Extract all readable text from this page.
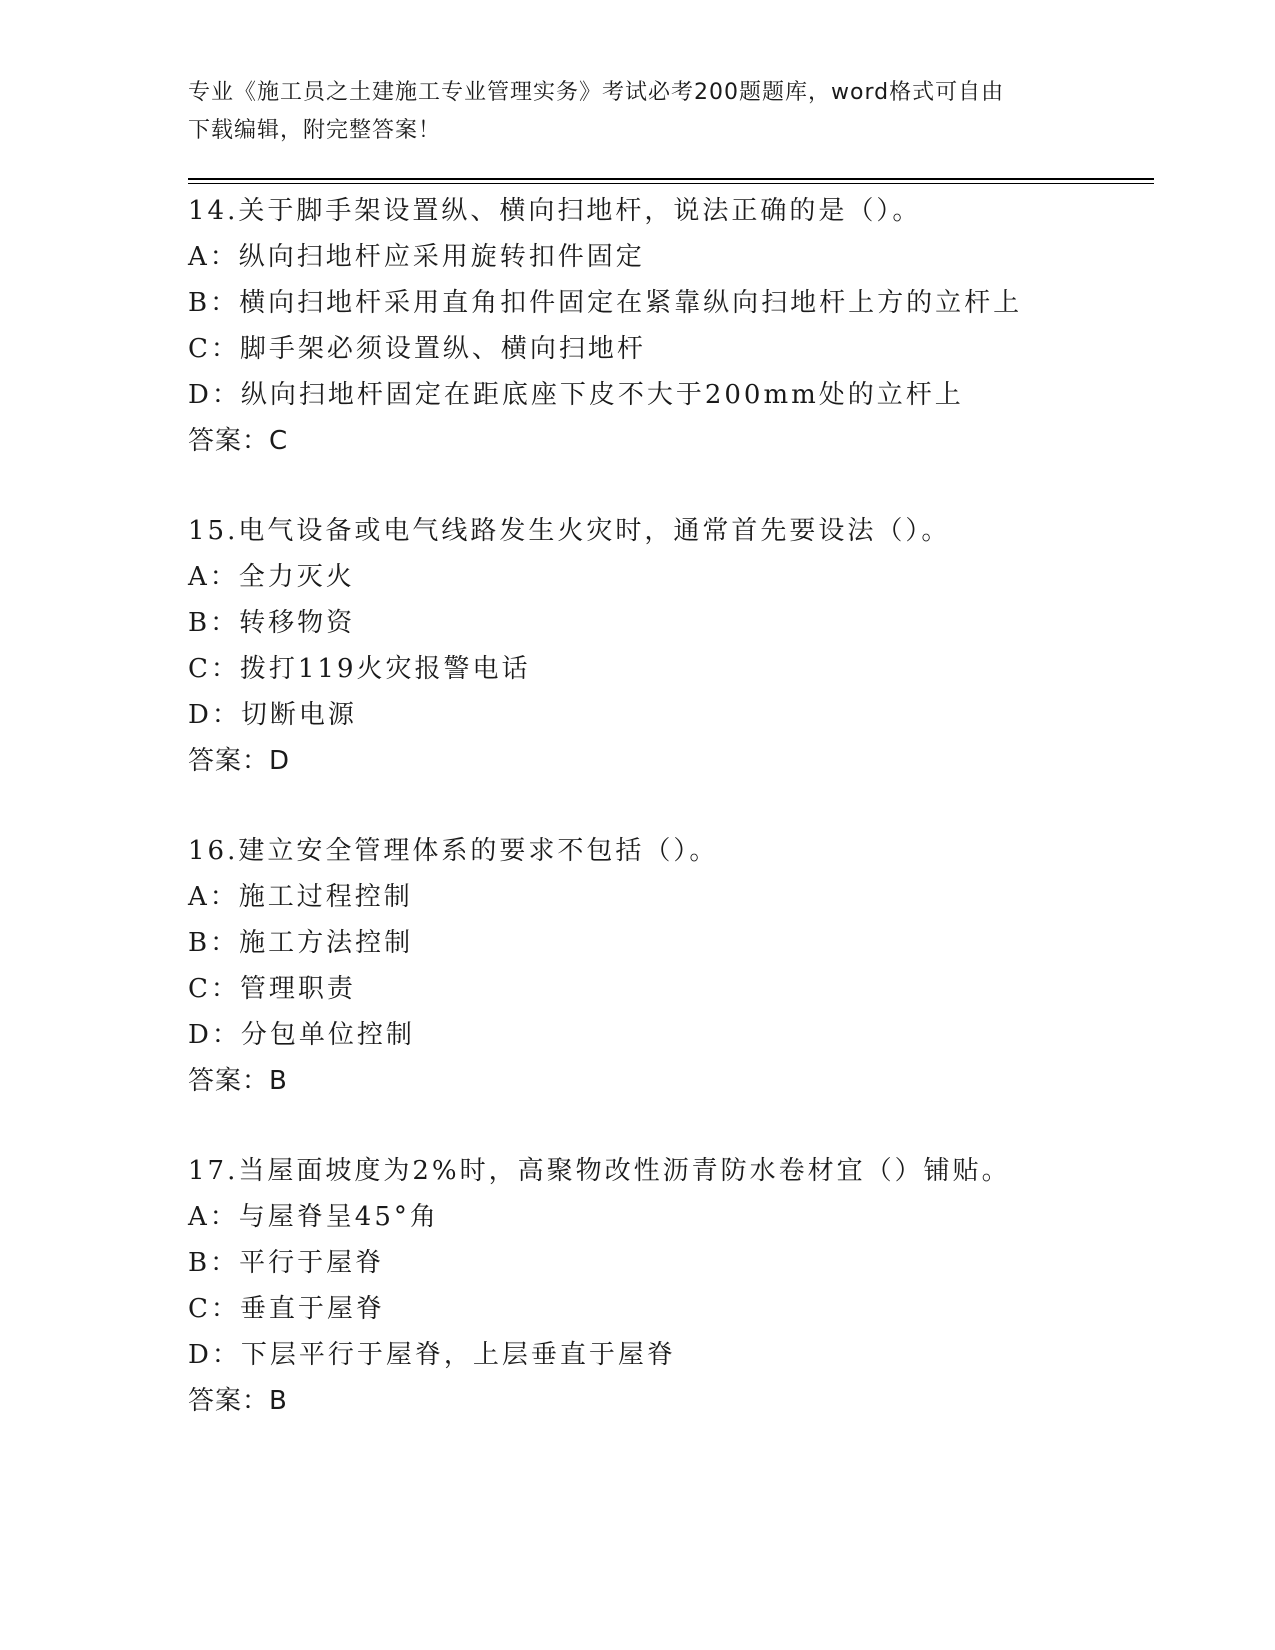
专业《施工员之土建施工专业管理实务》考试必考200题题库，word格式可自由
下载编辑，附完整答案！
14.关于脚手架设置纵、横向扫地杆，说法正确的是（）。
A：纵向扫地杆应采用旋转扣件固定
B：横向扫地杆采用直角扣件固定在紧靠纵向扫地杆上方的立杆上
C：脚手架必须设置纵、横向扫地杆
D：纵向扫地杆固定在距底座下皮不大于200mm处的立杆上
答案：C
15.电气设备或电气线路发生火灾时，通常首先要设法（）。
A：全力灭火
B：转移物资
C：拨打119火灾报警电话
D：切断电源
答案：D
16.建立安全管理体系的要求不包括（）。
A：施工过程控制
B：施工方法控制
C：管理职责
D：分包单位控制
答案：B
17.当屋面坡度为2%时，高聚物改性沥青防水卷材宜（）铺贴。
A：与屋脊呈45°角
B：平行于屋脊
C：垂直于屋脊
D：下层平行于屋脊，上层垂直于屋脊
答案：B
